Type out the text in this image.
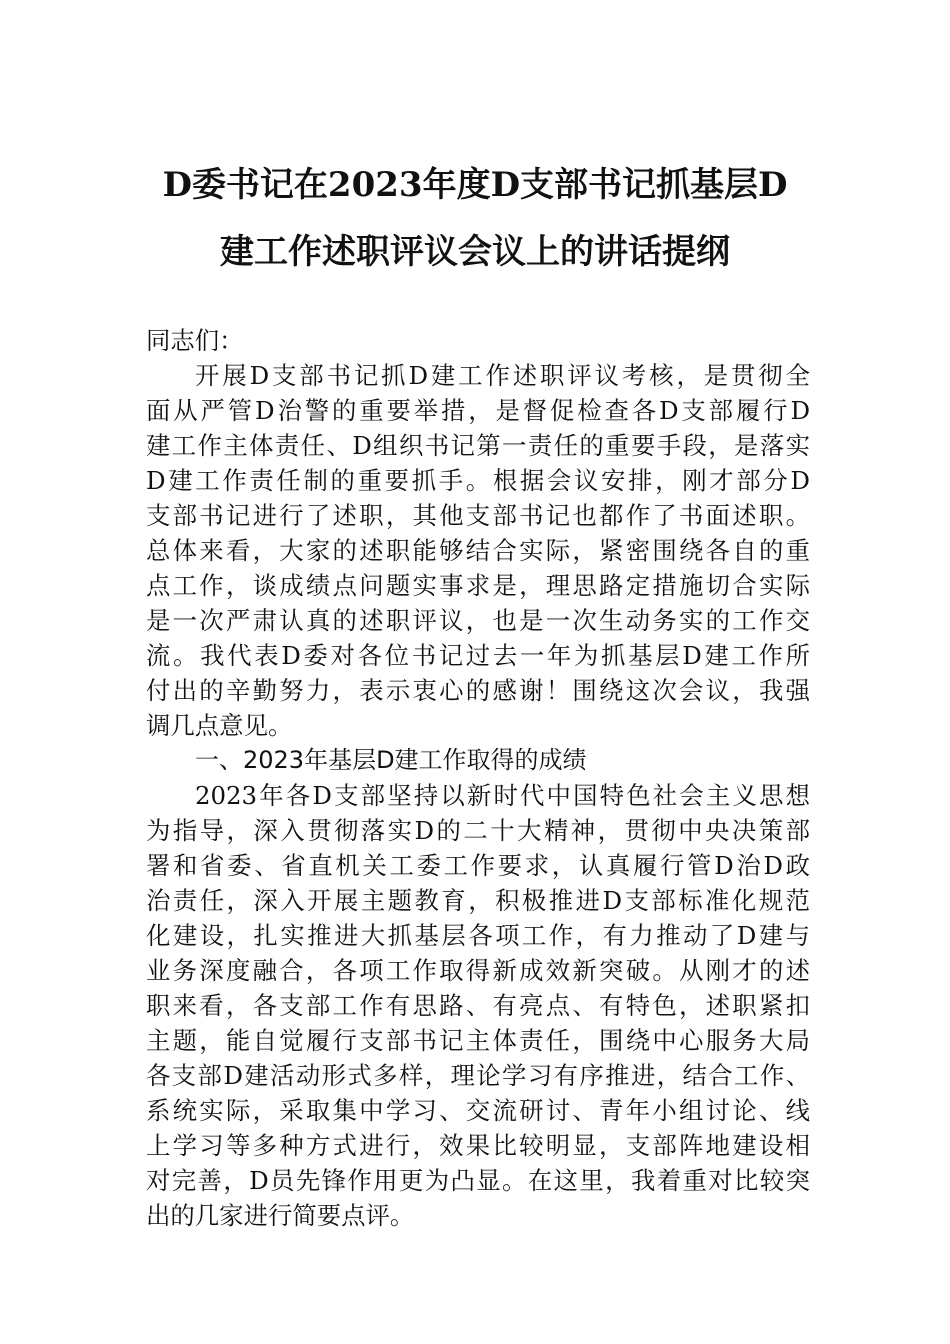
D委书记在2023年度D支部书记抓基层D
建工作述职评议会议上的讲话提纲
同志们：
开展D支部书记抓D建工作述职评议考核，是贯彻全
面从严管D治警的重要举措，是督促检查各D支部履行D
建工作主体责任、D组织书记第一责任的重要手段，是落实
D建工作责任制的重要抓手。根据会议安排，刚才部分D
支部书记进行了述职，其他支部书记也都作了书面述职。
总体来看，大家的述职能够结合实际，紧密围绕各自的重
点工作，谈成绩点问题实事求是，理思路定措施切合实际
是一次严肃认真的述职评议，也是一次生动务实的工作交
流。我代表D委对各位书记过去一年为抓基层D建工作所
付出的辛勤努力，表示衷心的感谢！围绕这次会议，我强
调几点意见。
一、2023年基层D建工作取得的成绩
2023年各D支部坚持以新时代中国特色社会主义思想
为指导，深入贯彻落实D的二十大精神，贯彻中央决策部
署和省委、省直机关工委工作要求，认真履行管D治D政
治责任，深入开展主题教育，积极推进D支部标准化规范
化建设，扎实推进大抓基层各项工作，有力推动了D建与
业务深度融合，各项工作取得新成效新突破。从刚才的述
职来看，各支部工作有思路、有亮点、有特色，述职紧扣
主题，能自觉履行支部书记主体责任，围绕中心服务大局
各支部D建活动形式多样，理论学习有序推进，结合工作、
系统实际，采取集中学习、交流研讨、青年小组讨论、线
上学习等多种方式进行，效果比较明显，支部阵地建设相
对完善，D员先锋作用更为凸显。在这里，我着重对比较突
出的几家进行简要点评。
